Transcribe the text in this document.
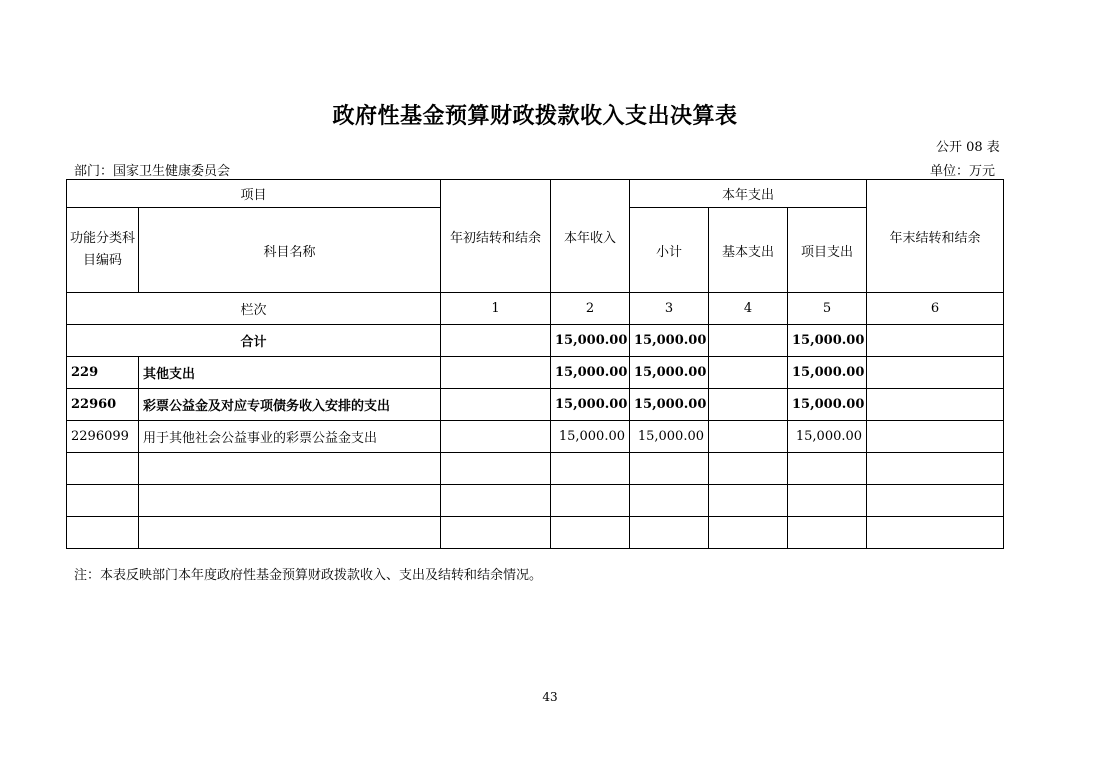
政府性基金预算财政拨款收入支出决算表
公开 08 表
部门：国家卫生健康委员会	单位：万元
项目		年初结转和结余	本年收入	本年支出			年末结转和结余
功能分类科目编码	科目名称			小计	基本支出	项目支出	
栏次		1	2	3	4	5	6
合计			15,000.00	15,000.00		15,000.00	
229	其他支出		15,000.00	15,000.00		15,000.00	
22960	彩票公益金及对应专项债务收入安排的支出		15,000.00	15,000.00		15,000.00	
2296099	用于其他社会公益事业的彩票公益金支出		15,000.00	15,000.00		15,000.00	

注：本表反映部门本年度政府性基金预算财政拨款收入、支出及结转和结余情况。
43
